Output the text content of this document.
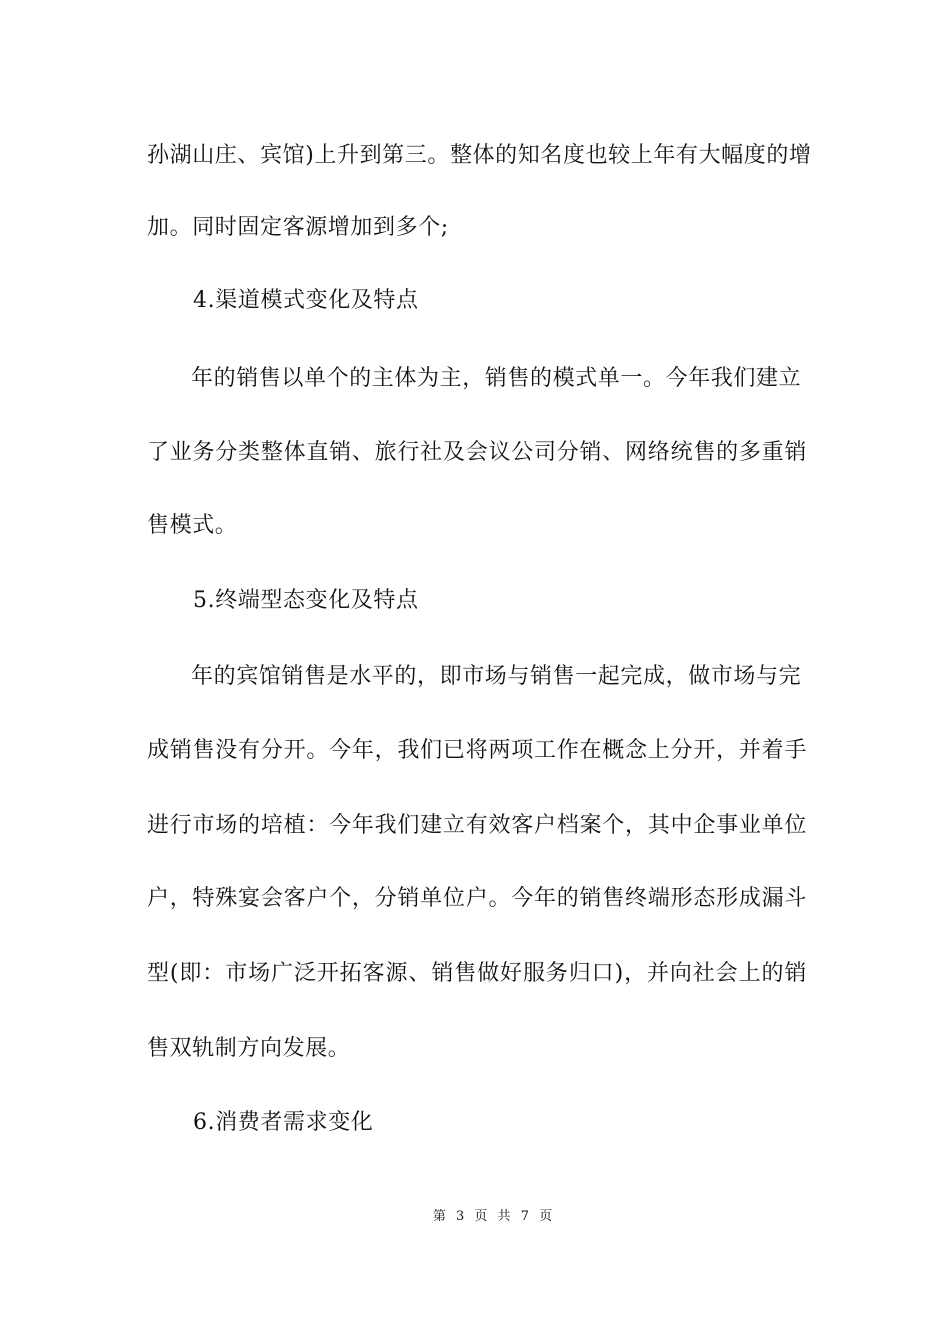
孙湖山庄、宾馆)上升到第三。整体的知名度也较上年有大幅度的增
加。同时固定客源增加到多个;
4.渠道模式变化及特点
年的销售以单个的主体为主，销售的模式单一。今年我们建立
了业务分类整体直销、旅行社及会议公司分销、网络统售的多重销
售模式。
5.终端型态变化及特点
年的宾馆销售是水平的，即市场与销售一起完成，做市场与完
成销售没有分开。今年，我们已将两项工作在概念上分开，并着手
进行市场的培植：今年我们建立有效客户档案个，其中企事业单位
户，特殊宴会客户个，分销单位户。今年的销售终端形态形成漏斗
型(即：市场广泛开拓客源、销售做好服务归口)，并向社会上的销
售双轨制方向发展。
6.消费者需求变化
第 3 页 共 7 页
